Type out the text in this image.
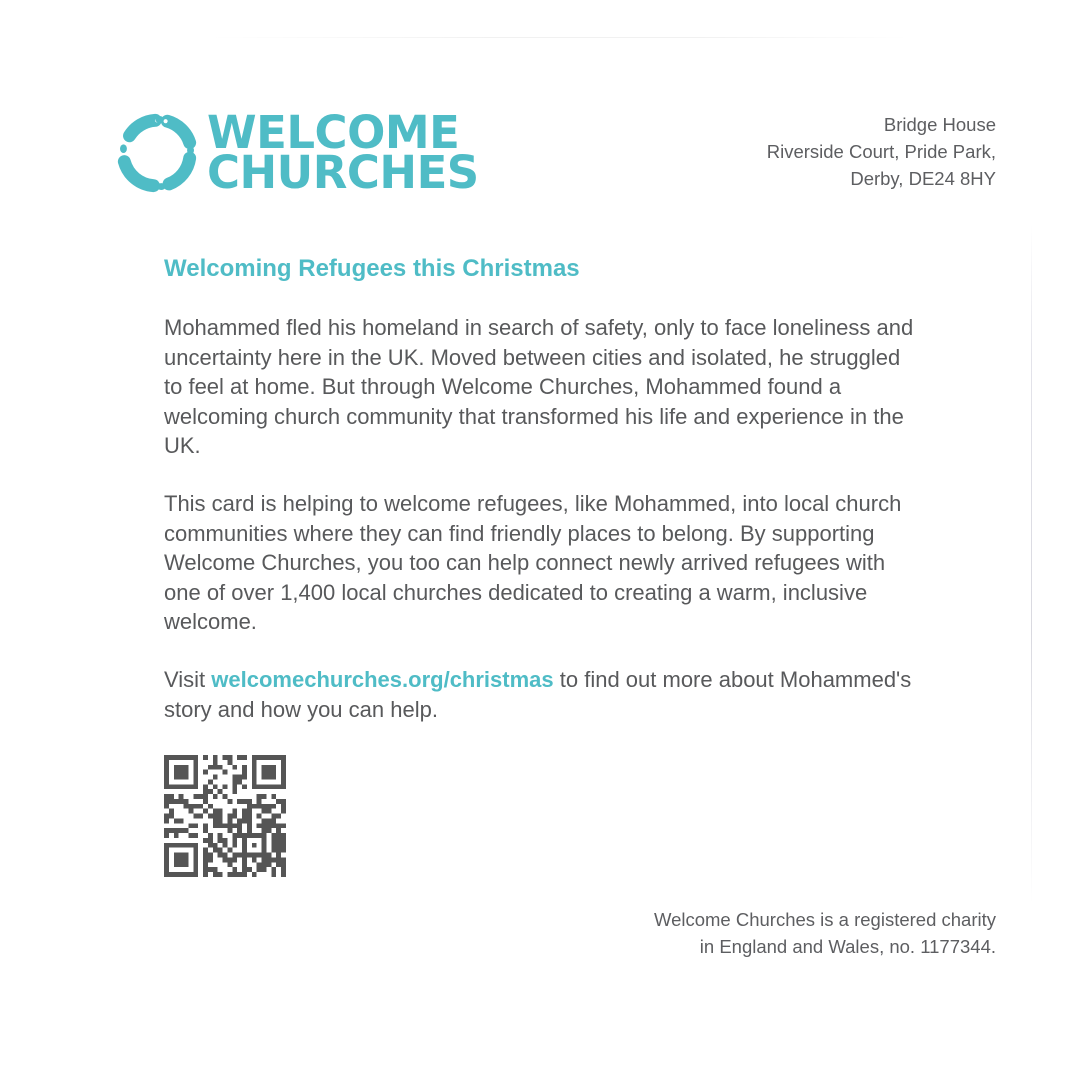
WELCOME
CHURCHES
Bridge House
Riverside Court, Pride Park,
Derby, DE24 8HY
Welcoming Refugees this Christmas

Mohammed fled his homeland in search of safety, only to face loneliness and uncertainty here in the UK. Moved between cities and isolated, he struggled to feel at home. But through Welcome Churches, Mohammed found a welcoming church community that transformed his life and experience in the UK.

This card is helping to welcome refugees, like Mohammed, into local church communities where they can find friendly places to belong. By supporting Welcome Churches, you too can help connect newly arrived refugees with one of over 1,400 local churches dedicated to creating a warm, inclusive welcome.

Visit welcomechurches.org/christmas to find out more about Mohammed's story and how you can help.

Welcome Churches is a registered charity
in England and Wales, no. 1177344.
